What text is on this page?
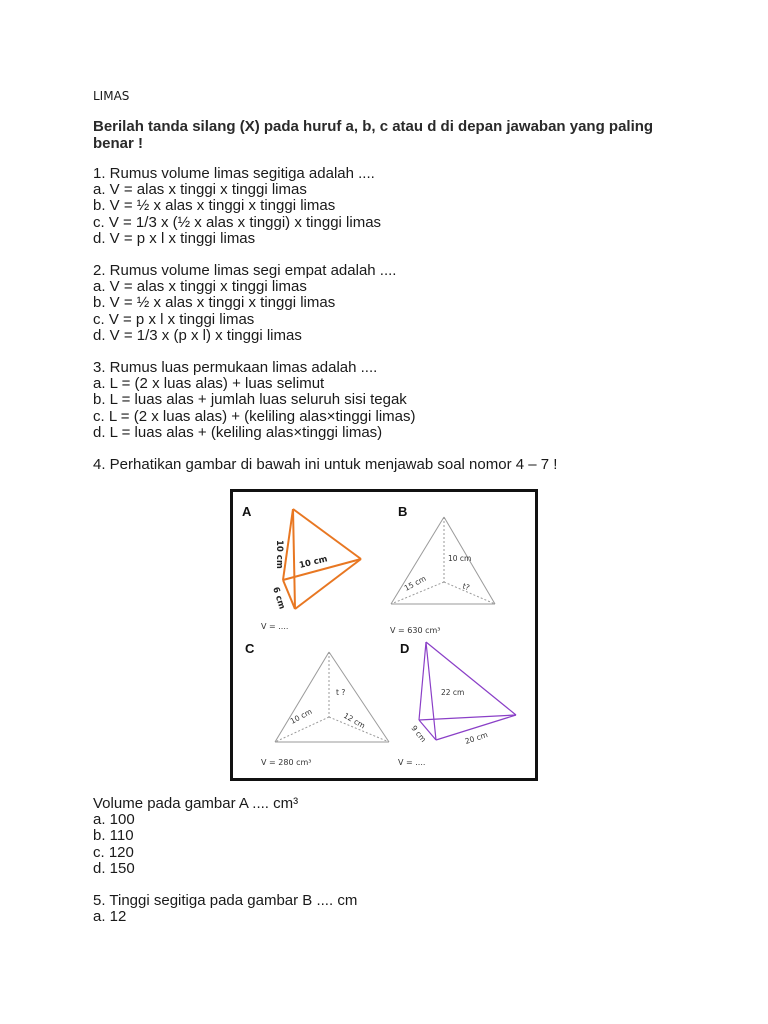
LIMAS
Berilah tanda silang (X) pada huruf a, b, c atau d di depan jawaban yang paling benar !
1. Rumus volume limas segitiga adalah ....
a. V = alas x tinggi x tinggi limas
b. V = ½ x alas x tinggi x tinggi limas
c. V = 1/3 x (½ x alas x tinggi) x tinggi limas
d. V = p x l x tinggi limas
2. Rumus volume limas segi empat adalah ....
a. V = alas x tinggi x tinggi limas
b. V = ½ x alas x tinggi x tinggi limas
c. V = p x l x tinggi limas
d. V = 1/3 x (p x l) x tinggi limas
3. Rumus luas permukaan limas adalah ....
a. L = (2 x luas alas) + luas selimut
b. L = luas alas + jumlah luas seluruh sisi tegak
c. L = (2 x luas alas) + (keliling alas×tinggi limas)
d. L = luas alas + (keliling alas×tinggi limas)
4. Perhatikan gambar di bawah ini untuk menjawab soal nomor 4 – 7 !
A
10 cm 10 cm
6 cm
V = ....
B
10 cm
15 cm	t?
V = 630 cm³
C
t ?
10 cm	12 cm
V = 280 cm³
D
22 cm
9 cm	20 cm
V = ....
Volume pada gambar A .... cm³
a. 100
b. 110
c. 120
d. 150
5. Tinggi segitiga pada gambar B .... cm
a. 12
